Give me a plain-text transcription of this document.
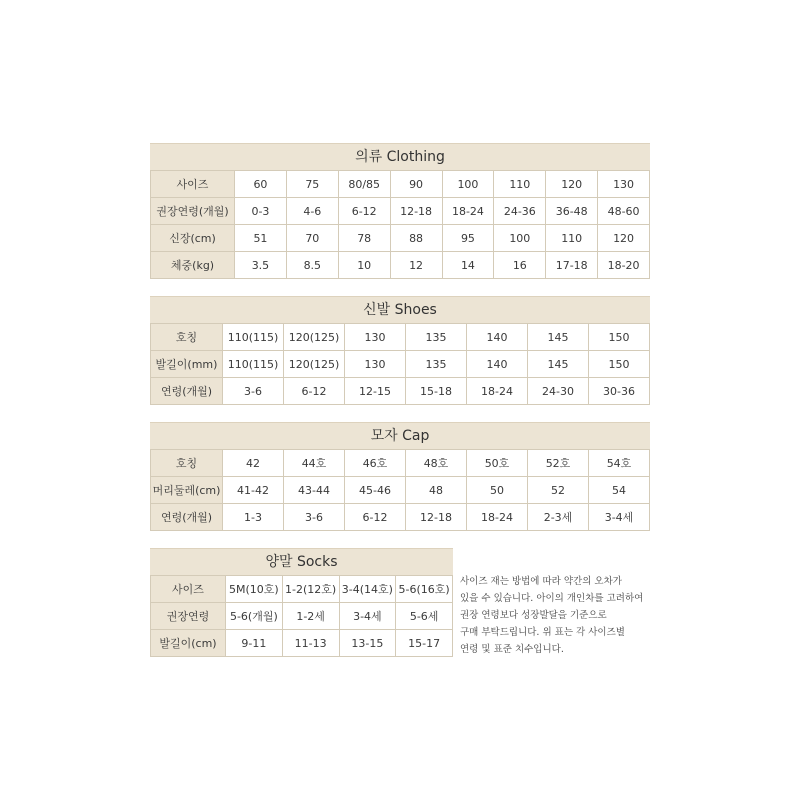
의류 Clothing
사이즈	60	75	80/85	90	100	110	120	130
권장연령(개월)	0-3	4-6	6-12	12-18	18-24	24-36	36-48	48-60
신장(cm)	51	70	78	88	95	100	110	120
체중(kg)	3.5	8.5	10	12	14	16	17-18	18-20
신발 Shoes
호칭	110(115)	120(125)	130	135	140	145	150
발길이(mm)	110(115)	120(125)	130	135	140	145	150
연령(개월)	3-6	6-12	12-15	15-18	18-24	24-30	30-36
모자 Cap
호칭	42	44호	46호	48호	50호	52호	54호
머리둘레(cm)	41-42	43-44	45-46	48	50	52	54
연령(개월)	1-3	3-6	6-12	12-18	18-24	2-3세	3-4세
양말 Socks
사이즈	5M(10호)	1-2(12호)	3-4(14호)	5-6(16호)
권장연령	5-6(개월)	1-2세	3-4세	5-6세
발길이(cm)	9-11	11-13	13-15	15-17
사이즈 재는 방법에 따라 약간의 오차가
있을 수 있습니다. 아이의 개인차를 고려하여
권장 연령보다 성장발달을 기준으로
구매 부탁드립니다. 위 표는 각 사이즈별
연령 및 표준 치수입니다.
